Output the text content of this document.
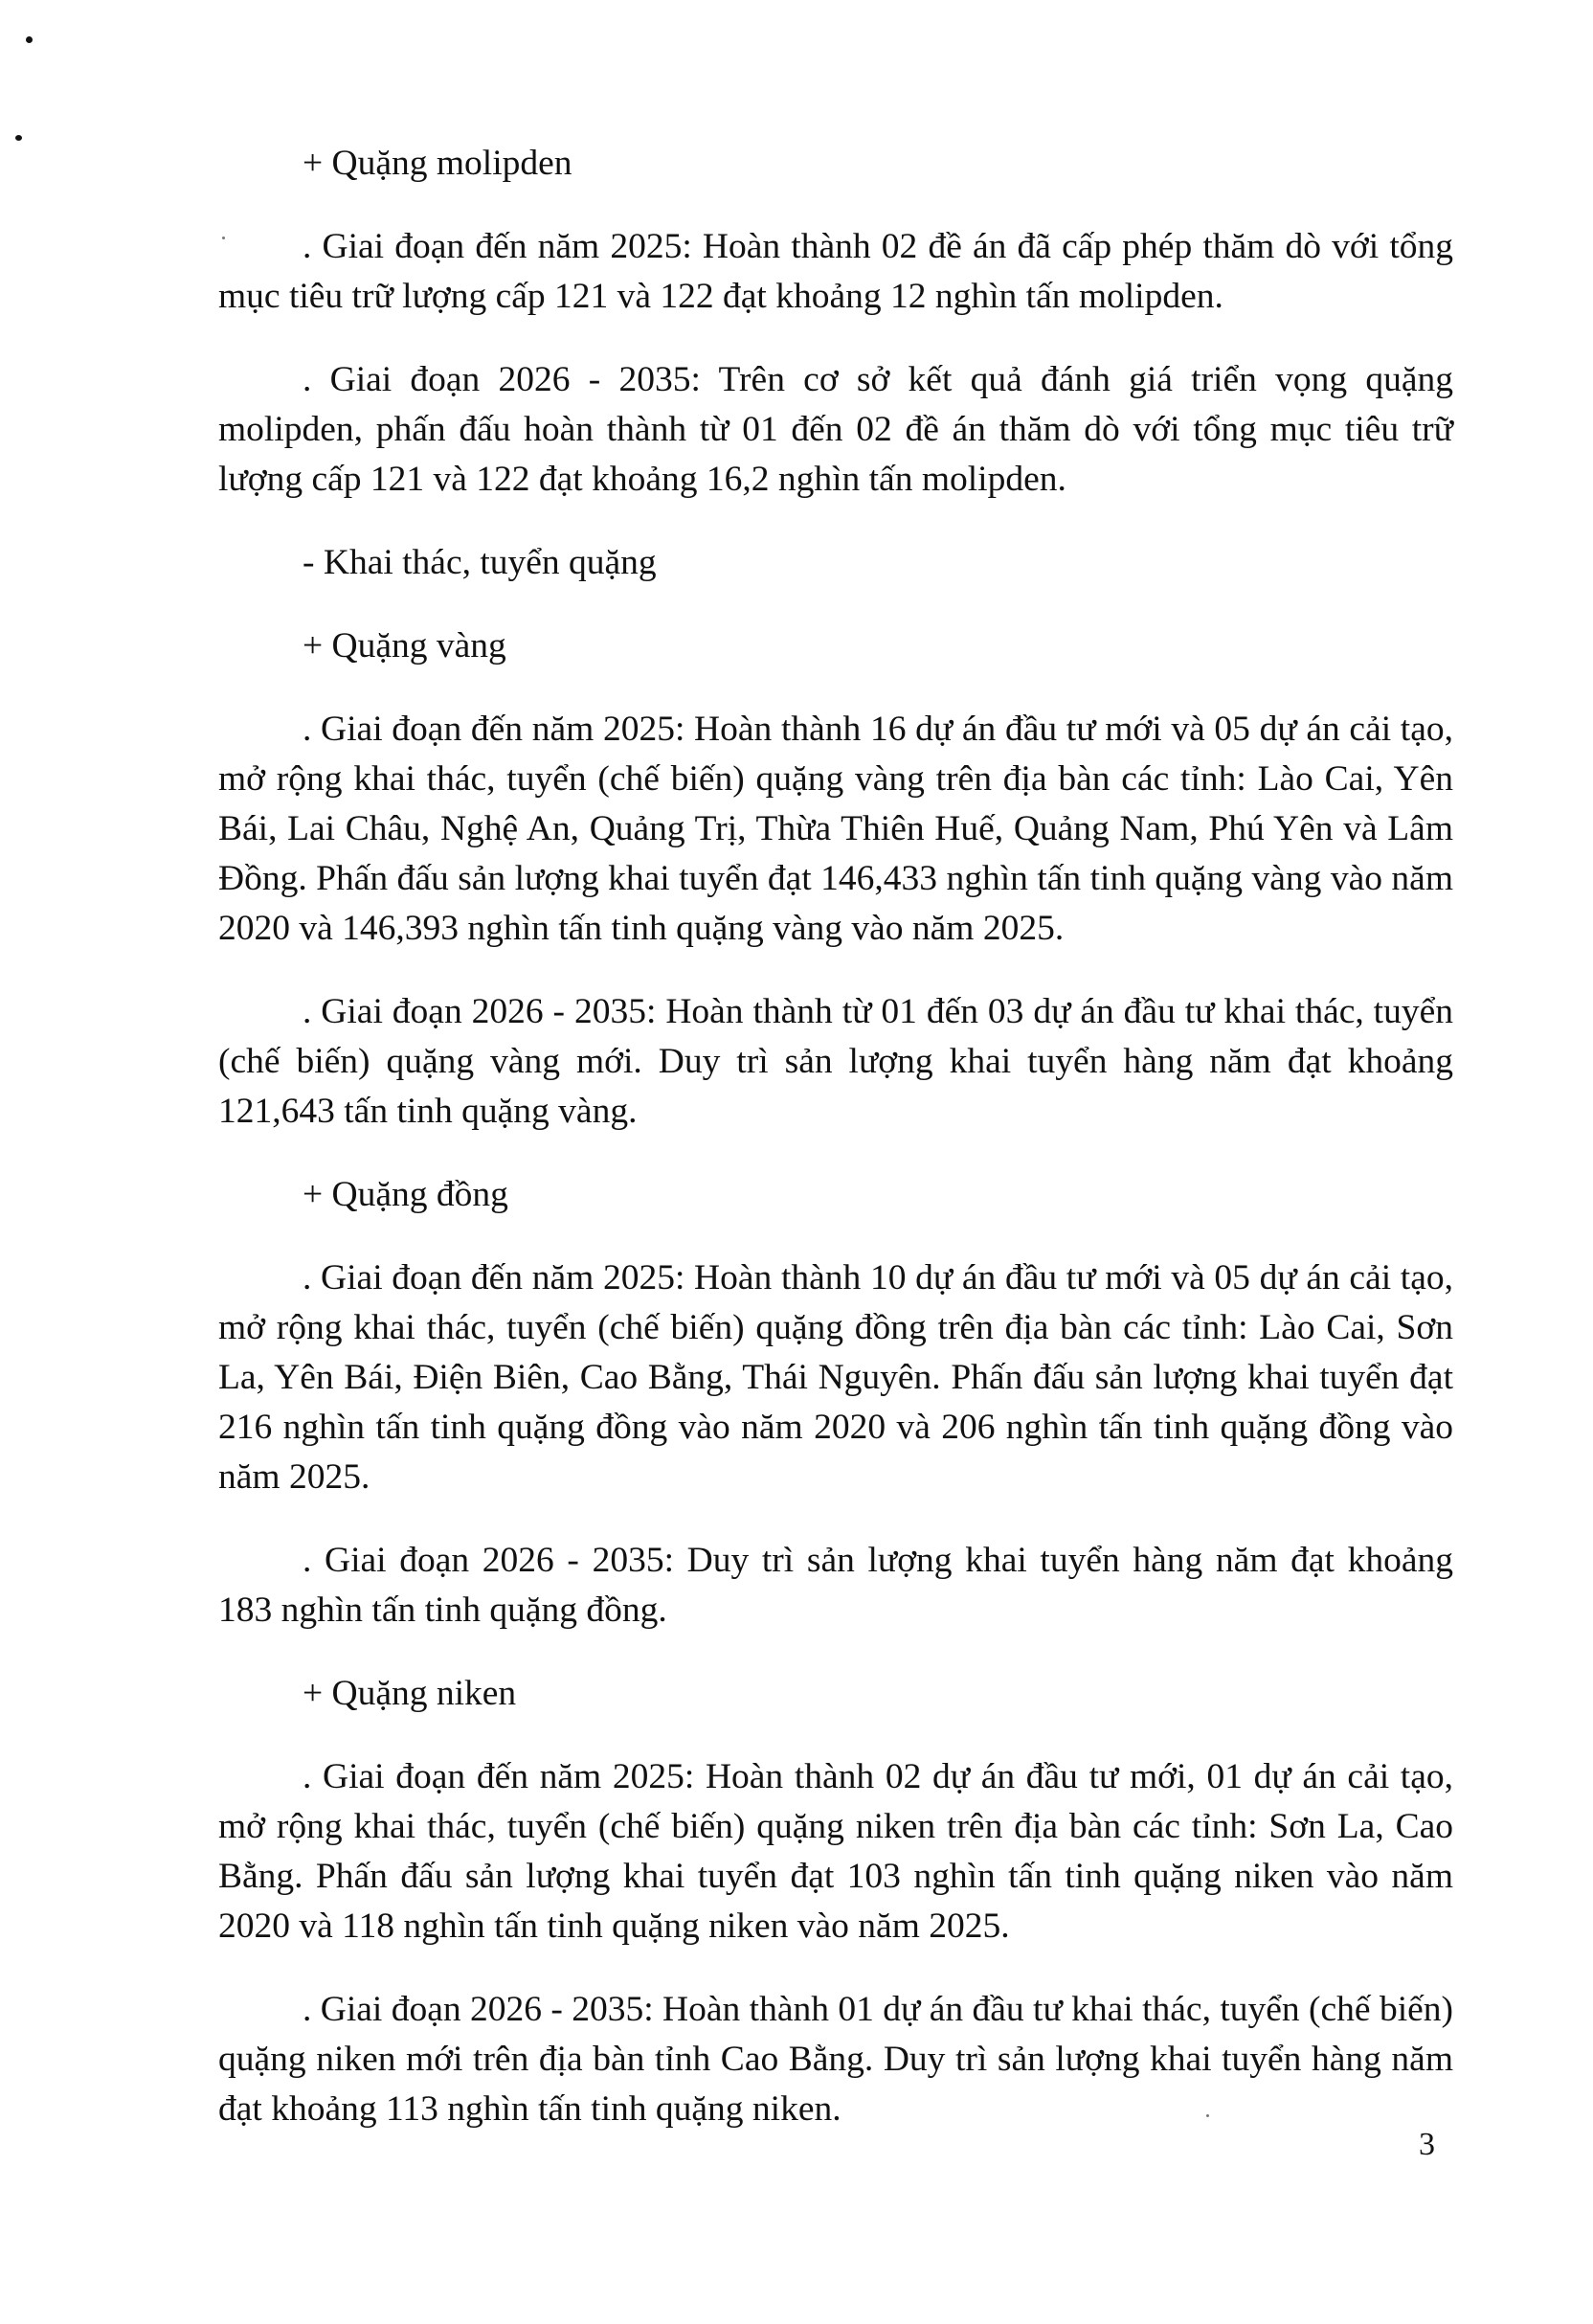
+ Quặng molipden

. Giai đoạn đến năm 2025: Hoàn thành 02 đề án đã cấp phép thăm dò với tổng mục tiêu trữ lượng cấp 121 và 122 đạt khoảng 12 nghìn tấn molipden.

. Giai đoạn 2026 - 2035: Trên cơ sở kết quả đánh giá triển vọng quặng molipden, phấn đấu hoàn thành từ 01 đến 02 đề án thăm dò với tổng mục tiêu trữ lượng cấp 121 và 122 đạt khoảng 16,2 nghìn tấn molipden.

- Khai thác, tuyển quặng
+ Quặng vàng

. Giai đoạn đến năm 2025: Hoàn thành 16 dự án đầu tư mới và 05 dự án cải tạo, mở rộng khai thác, tuyển (chế biến) quặng vàng trên địa bàn các tỉnh: Lào Cai, Yên Bái, Lai Châu, Nghệ An, Quảng Trị, Thừa Thiên Huế, Quảng Nam, Phú Yên và Lâm Đồng. Phấn đấu sản lượng khai tuyển đạt 146,433 nghìn tấn tinh quặng vàng vào năm 2020 và 146,393 nghìn tấn tinh quặng vàng vào năm 2025.

. Giai đoạn 2026 - 2035: Hoàn thành từ 01 đến 03 dự án đầu tư khai thác, tuyển (chế biến) quặng vàng mới. Duy trì sản lượng khai tuyển hàng năm đạt khoảng 121,643 tấn tinh quặng vàng.

+ Quặng đồng

. Giai đoạn đến năm 2025: Hoàn thành 10 dự án đầu tư mới và 05 dự án cải tạo, mở rộng khai thác, tuyển (chế biến) quặng đồng trên địa bàn các tỉnh: Lào Cai, Sơn La, Yên Bái, Điện Biên, Cao Bằng, Thái Nguyên. Phấn đấu sản lượng khai tuyển đạt 216 nghìn tấn tinh quặng đồng vào năm 2020 và 206 nghìn tấn tinh quặng đồng vào năm 2025.

. Giai đoạn 2026 - 2035: Duy trì sản lượng khai tuyển hàng năm đạt khoảng 183 nghìn tấn tinh quặng đồng.

+ Quặng niken

. Giai đoạn đến năm 2025: Hoàn thành 02 dự án đầu tư mới, 01 dự án cải tạo, mở rộng khai thác, tuyển (chế biến) quặng niken trên địa bàn các tỉnh: Sơn La, Cao Bằng. Phấn đấu sản lượng khai tuyển đạt 103 nghìn tấn tinh quặng niken vào năm 2020 và 118 nghìn tấn tinh quặng niken vào năm 2025.

. Giai đoạn 2026 - 2035: Hoàn thành 01 dự án đầu tư khai thác, tuyển (chế biến) quặng niken mới trên địa bàn tỉnh Cao Bằng. Duy trì sản lượng khai tuyển hàng năm đạt khoảng 113 nghìn tấn tinh quặng niken.

3
